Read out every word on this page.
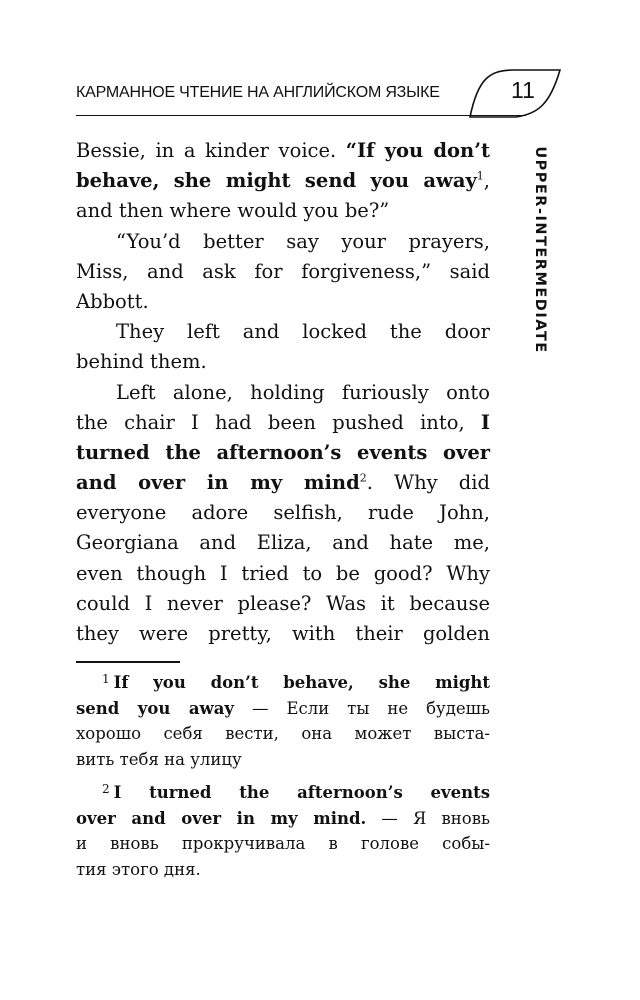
КАРМАННОЕ ЧТЕНИЕ НА АНГЛИЙСКОМ ЯЗЫКЕ	11
UPPER-INTERMEDIATE
Bessie, in a kinder voice. “If you don’t
behave, she might send you away$^1$,
and then where would you be?”
“You’d better say your prayers,
Miss, and ask for forgiveness,” said
Abbott.
They left and locked the door
behind them.
Left alone, holding furiously onto
the chair I had been pushed into, I
turned the afternoon’s events over
and over in my mind$^2$. Why did
everyone adore selfish, rude John,
Georgiana and Eliza, and hate me,
even though I tried to be good? Why
could I never please? Was it because
they were pretty, with their golden
$^1$ If you don’t behave, she might
send you away — Если ты не будешь
хорошо себя вести, она может выста-
вить тебя на улицу
$^2$ I turned the afternoon’s events
over and over in my mind. — Я вновь
и вновь прокручивала в голове собы-
тия этого дня.
